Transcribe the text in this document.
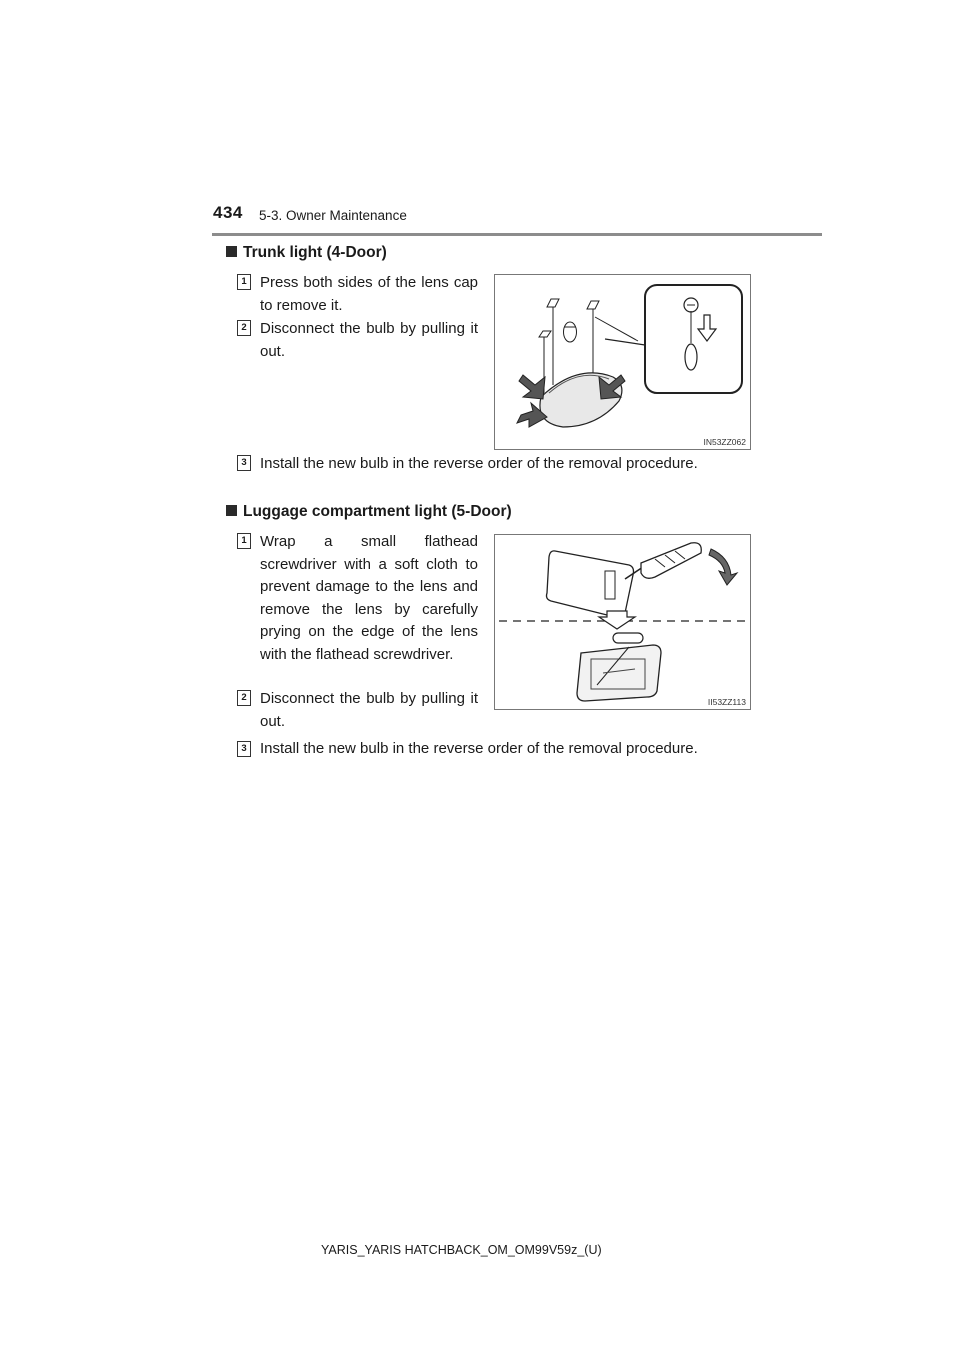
434 5-3. Owner Maintenance
Trunk light (4-Door)
1 Press both sides of the lens cap to remove it.
2 Disconnect the bulb by pulling it out.
IN53ZZ062
3 Install the new bulb in the reverse order of the removal procedure.
Luggage compartment light (5-Door)
1 Wrap a small flathead screwdriver with a soft cloth to prevent damage to the lens and remove the lens by carefully prying on the edge of the lens with the flathead screwdriver.
II53ZZ113
2 Disconnect the bulb by pulling it out.
3 Install the new bulb in the reverse order of the removal procedure.
YARIS_YARIS HATCHBACK_OM_OM99V59z_(U)
